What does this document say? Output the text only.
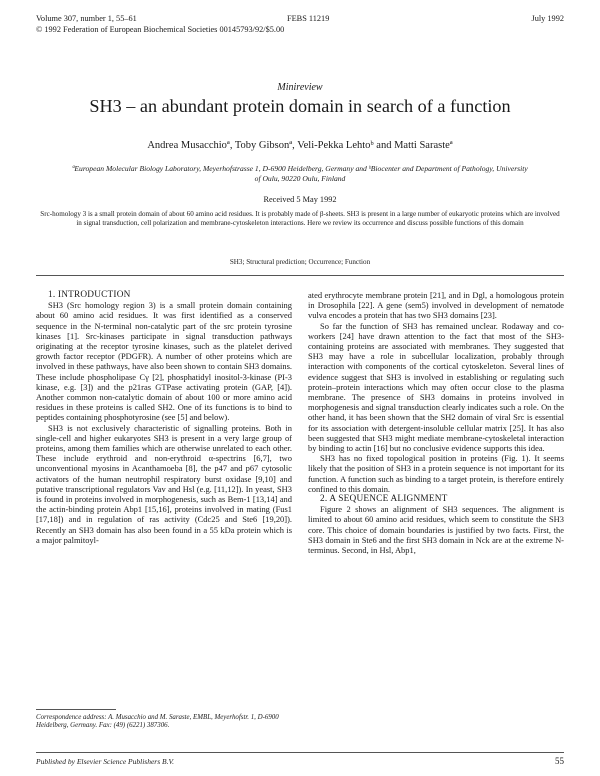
Volume 307, number 1, 55–61
© 1992 Federation of European Biochemical Societies 00145793/92/$5.00
FEBS 11219	July 1992
Minireview
SH3 – an abundant protein domain in search of a function
Andrea Musacchioª, Toby Gibsonª, Veli-Pekka Lehtoᵇ and Matti Sarasteª
ªEuropean Molecular Biology Laboratory, Meyerhofstrasse 1, D-6900 Heidelberg, Germany and ᵇBiocenter and Department of Pathology, University of Oulu, 90220 Oulu, Finland
Received 5 May 1992
Src-homology 3 is a small protein domain of about 60 amino acid residues. It is probably made of β-sheets. SH3 is present in a large number of eukaryotic proteins which are involved in signal transduction, cell polarization and membrane-cytoskeleton interactions. Here we review its occurrence and discuss possible functions of this domain
SH3; Structural prediction; Occurrence; Function

1. INTRODUCTION

SH3 (Src homology region 3) is a small protein domain containing about 60 amino acid residues. It was first identified as a conserved sequence in the N-terminal non-catalytic part of the src protein tyrosine kinases [1]. Src-kinases participate in signal transduction pathways originating at the receptor tyrosine kinases, such as the platelet derived growth factor receptor (PDGFR). A number of other proteins which are involved in these pathways, have also been shown to contain SH3 domains. These include phospholipase Cγ [2], phosphatidyl inositol-3-kinase (PI-3 kinase, e.g. [3]) and the p21ras GTPase activating protein (GAP, [4]). Another common non-catalytic domain of about 100 or more amino acid residues in these proteins is called SH2. One of its functions is to bind to peptides containing phosphotyrosine (see [5] and below).

SH3 is not exclusively characteristic of signalling proteins. Both in single-cell and higher eukaryotes SH3 is present in a very large group of proteins, among them families which are otherwise unrelated to each other. These include erythroid and non-erythroid α-spectrins [6,7], two unconventional myosins in Acanthamoeba [8], the p47 and p67 cytosolic activators of the human neutrophil respiratory burst oxidase [9,10] and putative transcriptional regulators Vav and Hsl (e.g. [11,12]). In yeast, SH3 is found in proteins involved in morphogenesis, such as Bem-1 [13,14] and the actin-binding protein Abp1 [15,16], proteins involved in mating (Fus1 [17,18]) and in regulation of ras activity (Cdc25 and Ste6 [19,20]). Recently an SH3 domain has also been found in a 55 kDa protein which is a major palmitoyl-

ated erythrocyte membrane protein [21], and in Dgl, a homologous protein in Drosophila [22]. A gene (sem5) involved in development of nematode vulva encodes a protein that has two SH3 domains [23].

So far the function of SH3 has remained unclear. Rodaway and co-workers [24] have drawn attention to the fact that most of the SH3-containing proteins are associated with membranes. They suggested that SH3 may have a role in subcellular localization, probably through interaction with components of the cortical cytoskeleton. Several lines of evidence suggest that SH3 is involved in establishing or regulating such protein–protein interactions which may often occur close to the plasma membrane. The presence of SH3 domains in proteins involved in morphogenesis and signal transduction clearly indicates such a role. On the other hand, it has been shown that the SH2 domain of viral Src is essential for its association with detergent-insoluble cellular matrix [25]. It has also been suggested that SH3 might mediate membrane-cytoskeletal interaction by binding to actin [16] but no conclusive evidence supports this idea.

SH3 has no fixed topological position in proteins (Fig. 1). It seems likely that the position of SH3 in a protein sequence is not important for its function. A function such as binding to a target protein, is therefore entirely confined to this domain.

2. A SEQUENCE ALIGNMENT

Figure 2 shows an alignment of SH3 sequences. The alignment is limited to about 60 amino acid residues, which seem to constitute the SH3 core. This choice of domain boundaries is justified by two facts. First, the SH3 domain in Ste6 and the first SH3 domain in Nck are at the extreme N-terminus. Second, in Hsl, Abp1,

Correspondence address: A. Musacchio and M. Saraste, EMBL, Meyerhofstr. 1, D-6900 Heidelberg, Germany. Fax: (49) (6221) 387306.
Published by Elsevier Science Publishers B.V.	55
